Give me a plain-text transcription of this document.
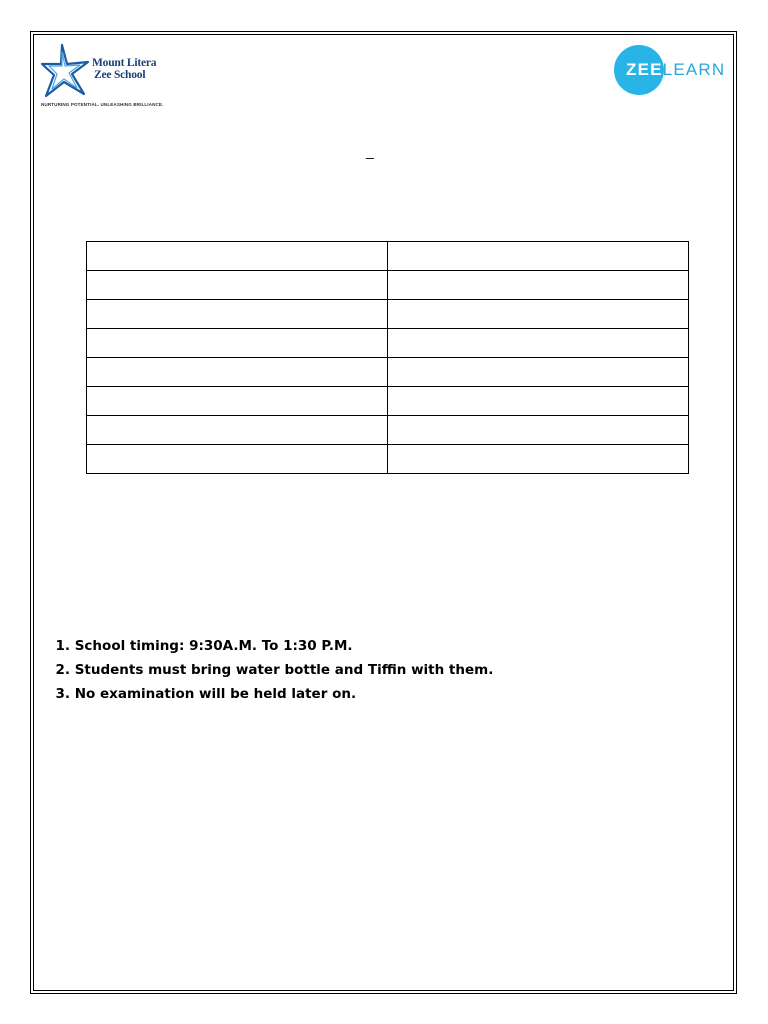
Mount Litera
Zee School
NURTURING POTENTIAL. UNLEASHING BRILLIANCE.
ZEELEARN
_

1. School timing: 9:30A.M. To 1:30 P.M.
2. Students must bring water bottle and Tiffin with them.
3. No examination will be held later on.
